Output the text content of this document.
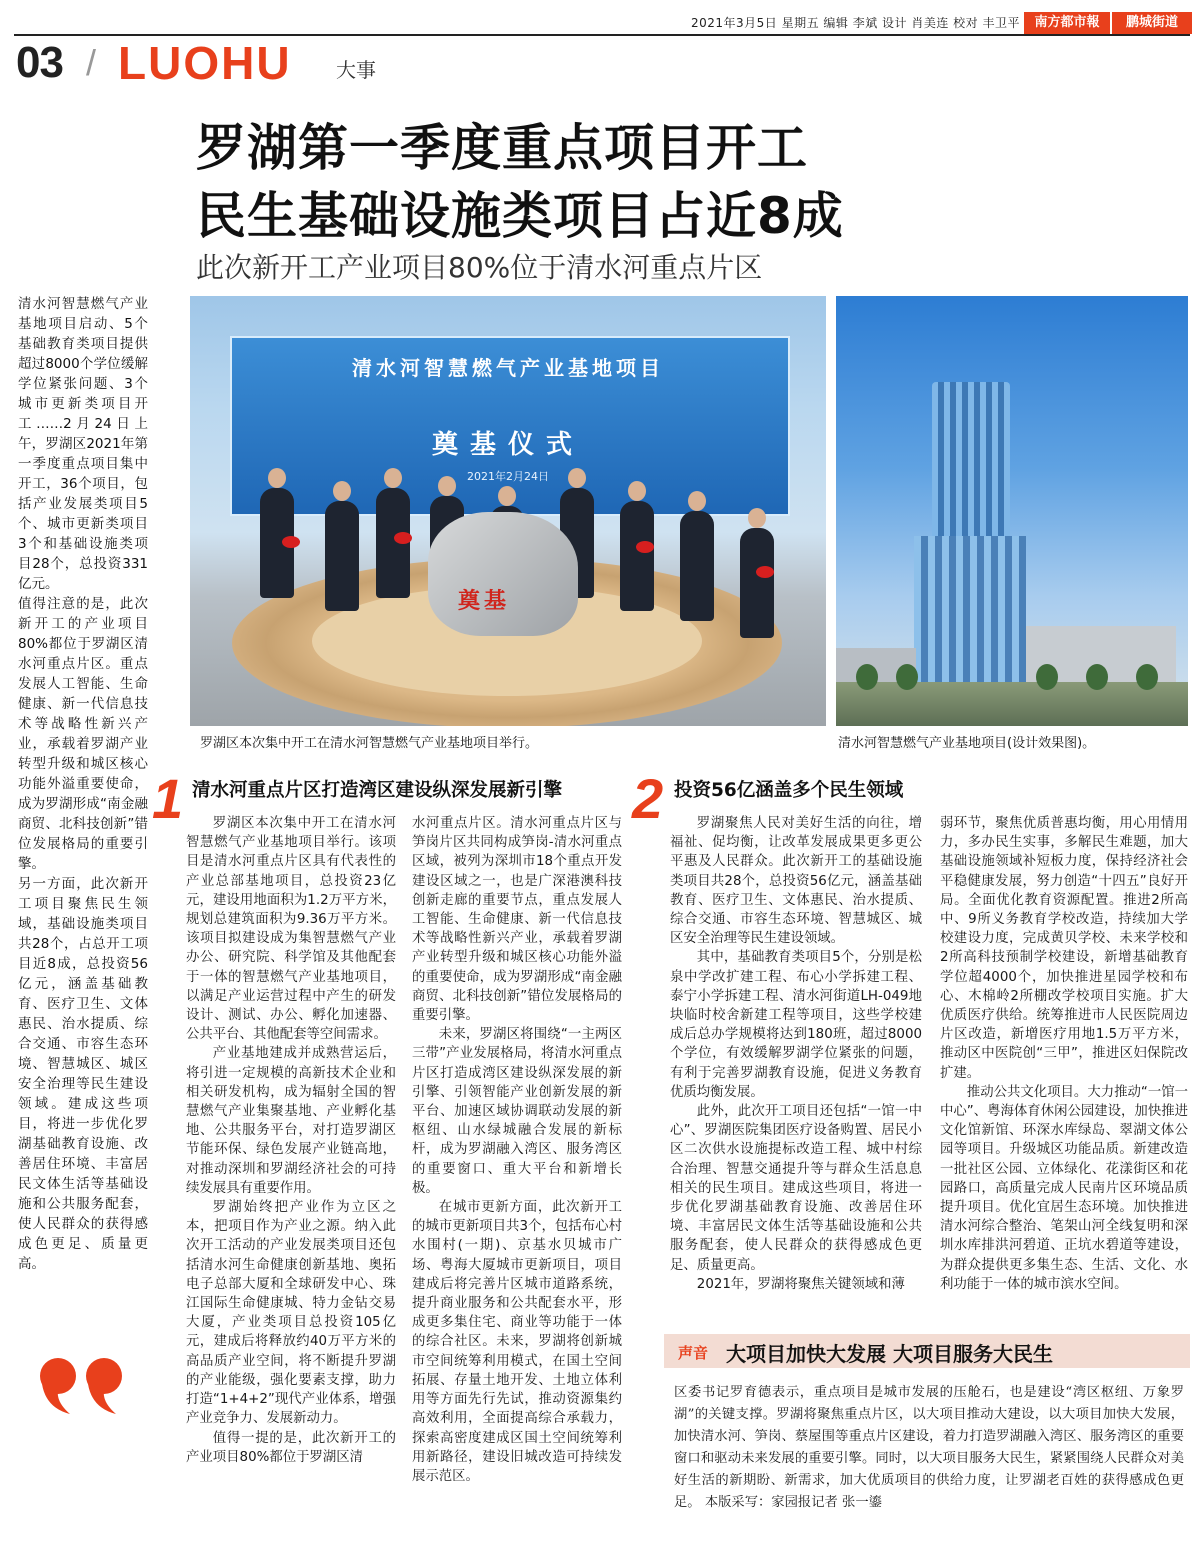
2021年3月5日 星期五 编辑 李斌 设计 肖美连 校对 丰卫平	南方都市報	鹏城街道
03 / LUOHU 大事
罗湖第一季度重点项目开工
民生基础设施类项目占近8成
此次新开工产业项目80%位于清水河重点片区

清水河智慧燃气产业基地项目启动、5个基础教育类项目提供超过8000个学位缓解学位紧张问题、3个城市更新类项目开工……2月24日上午，罗湖区2021年第一季度重点项目集中开工，36个项目，包括产业发展类项目5个、城市更新类项目3个和基础设施类项目28个，总投资331亿元。

值得注意的是，此次新开工的产业项目80%都位于罗湖区清水河重点片区。重点发展人工智能、生命健康、新一代信息技术等战略性新兴产业，承载着罗湖产业转型升级和城区核心功能外溢重要使命，成为罗湖形成“南金融商贸、北科技创新”错位发展格局的重要引擎。

另一方面，此次新开工项目聚焦民生领域，基础设施类项目共28个，占总开工项目近8成，总投资56亿元，涵盖基础教育、医疗卫生、文体惠民、治水提质、综合交通、市容生态环境、智慧城区、城区安全治理等民生建设领域。建成这些项目，将进一步优化罗湖基础教育设施、改善居住环境、丰富居民文体生活等基础设施和公共服务配套，使人民群众的获得感成色更足、质量更高。

清水河智慧燃气产业基地项目
奠基仪式
2021年2月24日
奠基
罗湖区本次集中开工在清水河智慧燃气产业基地项目举行。	清水河智慧燃气产业基地项目(设计效果图)。
1 清水河重点片区打造湾区建设纵深发展新引擎

罗湖区本次集中开工在清水河智慧燃气产业基地项目举行。该项目是清水河重点片区具有代表性的产业总部基地项目，总投资23亿元，建设用地面积为1.2万平方米，规划总建筑面积为9.36万平方米。该项目拟建设成为集智慧燃气产业办公、研究院、科学馆及其他配套于一体的智慧燃气产业基地项目，以满足产业运营过程中产生的研发设计、测试、办公、孵化加速器、公共平台、其他配套等空间需求。

产业基地建成并成熟营运后，将引进一定规模的高新技术企业和相关研发机构，成为辐射全国的智慧燃气产业集聚基地、产业孵化基地、公共服务平台，对打造罗湖区节能环保、绿色发展产业链高地，对推动深圳和罗湖经济社会的可持续发展具有重要作用。

罗湖始终把产业作为立区之本，把项目作为产业之源。纳入此次开工活动的产业发展类项目还包括清水河生命健康创新基地、奥拓电子总部大厦和全球研发中心、珠江国际生命健康城、特力金钻交易大厦，产业类项目总投资105亿元，建成后将释放约40万平方米的高品质产业空间，将不断提升罗湖的产业能级，强化要素支撑，助力打造“1+4+2”现代产业体系，增强产业竞争力、发展新动力。

值得一提的是，此次新开工的产业项目80%都位于罗湖区清

水河重点片区。清水河重点片区与笋岗片区共同构成笋岗-清水河重点区域，被列为深圳市18个重点开发建设区域之一，也是广深港澳科技创新走廊的重要节点，重点发展人工智能、生命健康、新一代信息技术等战略性新兴产业，承载着罗湖产业转型升级和城区核心功能外溢的重要使命，成为罗湖形成“南金融商贸、北科技创新”错位发展格局的重要引擎。

未来，罗湖区将围绕“一主两区三带”产业发展格局，将清水河重点片区打造成湾区建设纵深发展的新引擎、引领智能产业创新发展的新平台、加速区域协调联动发展的新枢纽、山水绿城融合发展的新标杆，成为罗湖融入湾区、服务湾区的重要窗口、重大平台和新增长极。

在城市更新方面，此次新开工的城市更新项目共3个，包括布心村水围村(一期)、京基水贝城市广场、粤海大厦城市更新项目，项目建成后将完善片区城市道路系统，提升商业服务和公共配套水平，形成更多集住宅、商业等功能于一体的综合社区。未来，罗湖将创新城市空间统筹利用模式，在国土空间拓展、存量土地开发、土地立体利用等方面先行先试，推动资源集约高效利用，全面提高综合承载力，探索高密度建成区国土空间统筹利用新路径，建设旧城改造可持续发展示范区。

2 投资56亿涵盖多个民生领域

罗湖聚焦人民对美好生活的向往，增福祉、促均衡，让改革发展成果更多更公平惠及人民群众。此次新开工的基础设施类项目共28个，总投资56亿元，涵盖基础教育、医疗卫生、文体惠民、治水提质、综合交通、市容生态环境、智慧城区、城区安全治理等民生建设领域。

其中，基础教育类项目5个，分别是松泉中学改扩建工程、布心小学拆建工程、泰宁小学拆建工程、清水河街道LH-049地块临时校舍新建工程等项目，这些学校建成后总办学规模将达到180班，超过8000个学位，有效缓解罗湖学位紧张的问题，有利于完善罗湖教育设施，促进义务教育优质均衡发展。

此外，此次开工项目还包括“一馆一中心”、罗湖医院集团医疗设备购置、居民小区二次供水设施提标改造工程、城中村综合治理、智慧交通提升等与群众生活息息相关的民生项目。建成这些项目，将进一步优化罗湖基础教育设施、改善居住环境、丰富居民文体生活等基础设施和公共服务配套，使人民群众的获得感成色更足、质量更高。

2021年，罗湖将聚焦关键领域和薄

弱环节，聚焦优质普惠均衡，用心用情用力，多办民生实事，多解民生难题，加大基础设施领域补短板力度，保持经济社会平稳健康发展，努力创造“十四五”良好开局。全面优化教育资源配置。推进2所高中、9所义务教育学校改造，持续加大学校建设力度，完成黄贝学校、未来学校和2所高科技预制学校建设，新增基础教育学位超4000个，加快推进星园学校和布心、木棉岭2所棚改学校项目实施。扩大优质医疗供给。统筹推进市人民医院周边片区改造，新增医疗用地1.5万平方米，推动区中医院创“三甲”，推进区妇保院改扩建。

推动公共文化项目。大力推动“一馆一中心”、粤海体育休闲公园建设，加快推进文化馆新馆、环深水库绿岛、翠湖文体公园等项目。升级城区功能品质。新建改造一批社区公园、立体绿化、花漾街区和花园路口，高质量完成人民南片区环境品质提升项目。优化宜居生态环境。加快推进清水河综合整治、笔架山河全线复明和深圳水库排洪河碧道、正坑水碧道等建设，为群众提供更多集生态、生活、文化、水利功能于一体的城市滨水空间。

声音 大项目加快大发展 大项目服务大民生
区委书记罗育德表示，重点项目是城市发展的压舱石，也是建设“湾区枢纽、万象罗湖”的关键支撑。罗湖将聚焦重点片区，以大项目推动大建设，以大项目加快大发展，加快清水河、笋岗、蔡屋围等重点片区建设，着力打造罗湖融入湾区、服务湾区的重要窗口和驱动未来发展的重要引擎。同时，以大项目服务大民生，紧紧围绕人民群众对美好生活的新期盼、新需求，加大优质项目的供给力度，让罗湖老百姓的获得感成色更足。 本版采写：家园报记者 张一鎏
